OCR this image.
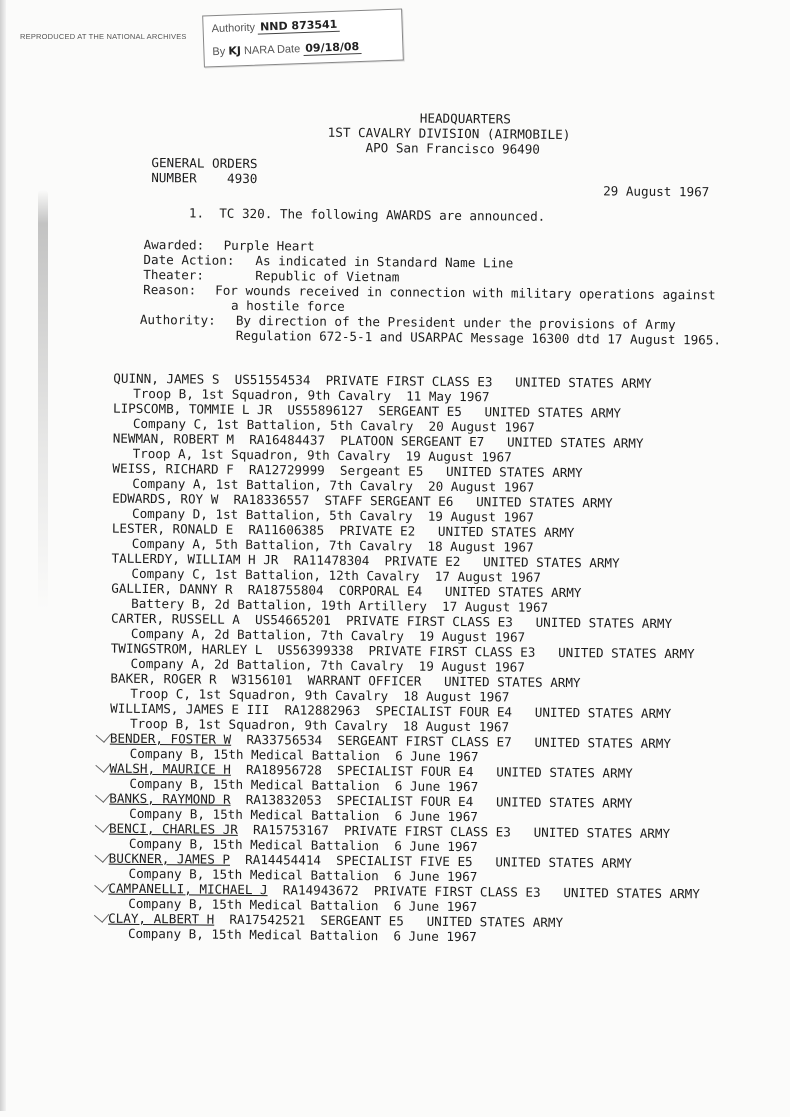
REPRODUCED AT THE NATIONAL ARCHIVES
Authority NND 873541
By KJ NARA Date 09/18/08
HEADQUARTERS
1ST CAVALRY DIVISION (AIRMOBILE)
APO San Francisco 96490
GENERAL ORDERS
NUMBER 4930
29 August 1967
1. TC 320. The following AWARDS are announced.
Awarded: Purple Heart
Date Action: As indicated in Standard Name Line
Theater:	Republic of Vietnam
Reason: For wounds received in connection with military operations against
a hostile force
Authority: By direction of the President under the provisions of Army
Regulation 672-5-1 and USARPAC Message 16300 dtd 17 August 1965.
QUINN, JAMES S US51554534 PRIVATE FIRST CLASS E3 UNITED STATES ARMY
Troop B, 1st Squadron, 9th Cavalry 11 May 1967
LIPSCOMB, TOMMIE L JR US55896127 SERGEANT E5 UNITED STATES ARMY
Company C, 1st Battalion, 5th Cavalry 20 August 1967
NEWMAN, ROBERT M RA16484437 PLATOON SERGEANT E7 UNITED STATES ARMY
Troop A, 1st Squadron, 9th Cavalry 19 August 1967
WEISS, RICHARD F RA12729999 Sergeant E5 UNITED STATES ARMY
Company A, 1st Battalion, 7th Cavalry 20 August 1967
EDWARDS, ROY W RA18336557 STAFF SERGEANT E6 UNITED STATES ARMY
Company D, 1st Battalion, 5th Cavalry 19 August 1967
LESTER, RONALD E RA11606385 PRIVATE E2 UNITED STATES ARMY
Company A, 5th Battalion, 7th Cavalry 18 August 1967
TALLERDY, WILLIAM H JR RA11478304 PRIVATE E2 UNITED STATES ARMY
Company C, 1st Battalion, 12th Cavalry 17 August 1967
GALLIER, DANNY R RA18755804 CORPORAL E4 UNITED STATES ARMY
Battery B, 2d Battalion, 19th Artillery 17 August 1967
CARTER, RUSSELL A US54665201 PRIVATE FIRST CLASS E3 UNITED STATES ARMY
Company A, 2d Battalion, 7th Cavalry 19 August 1967
TWINGSTROM, HARLEY L US56399338 PRIVATE FIRST CLASS E3 UNITED STATES ARMY
Company A, 2d Battalion, 7th Cavalry 19 August 1967
BAKER, ROGER R W3156101 WARRANT OFFICER UNITED STATES ARMY
Troop C, 1st Squadron, 9th Cavalry 18 August 1967
WILLIAMS, JAMES E III RA12882963 SPECIALIST FOUR E4 UNITED STATES ARMY
Troop B, 1st Squadron, 9th Cavalry 18 August 1967
BENDER, FOSTER W RA33756534 SERGEANT FIRST CLASS E7 UNITED STATES ARMY
Company B, 15th Medical Battalion 6 June 1967
WALSH, MAURICE H RA18956728 SPECIALIST FOUR E4 UNITED STATES ARMY
Company B, 15th Medical Battalion 6 June 1967
BANKS, RAYMOND R RA13832053 SPECIALIST FOUR E4 UNITED STATES ARMY
Company B, 15th Medical Battalion 6 June 1967
BENCI, CHARLES JR RA15753167 PRIVATE FIRST CLASS E3 UNITED STATES ARMY
Company B, 15th Medical Battalion 6 June 1967
BUCKNER, JAMES P RA14454414 SPECIALIST FIVE E5 UNITED STATES ARMY
Company B, 15th Medical Battalion 6 June 1967
CAMPANELLI, MICHAEL J RA14943672 PRIVATE FIRST CLASS E3 UNITED STATES ARMY
Company B, 15th Medical Battalion 6 June 1967
CLAY, ALBERT H RA17542521 SERGEANT E5 UNITED STATES ARMY
Company B, 15th Medical Battalion 6 June 1967
